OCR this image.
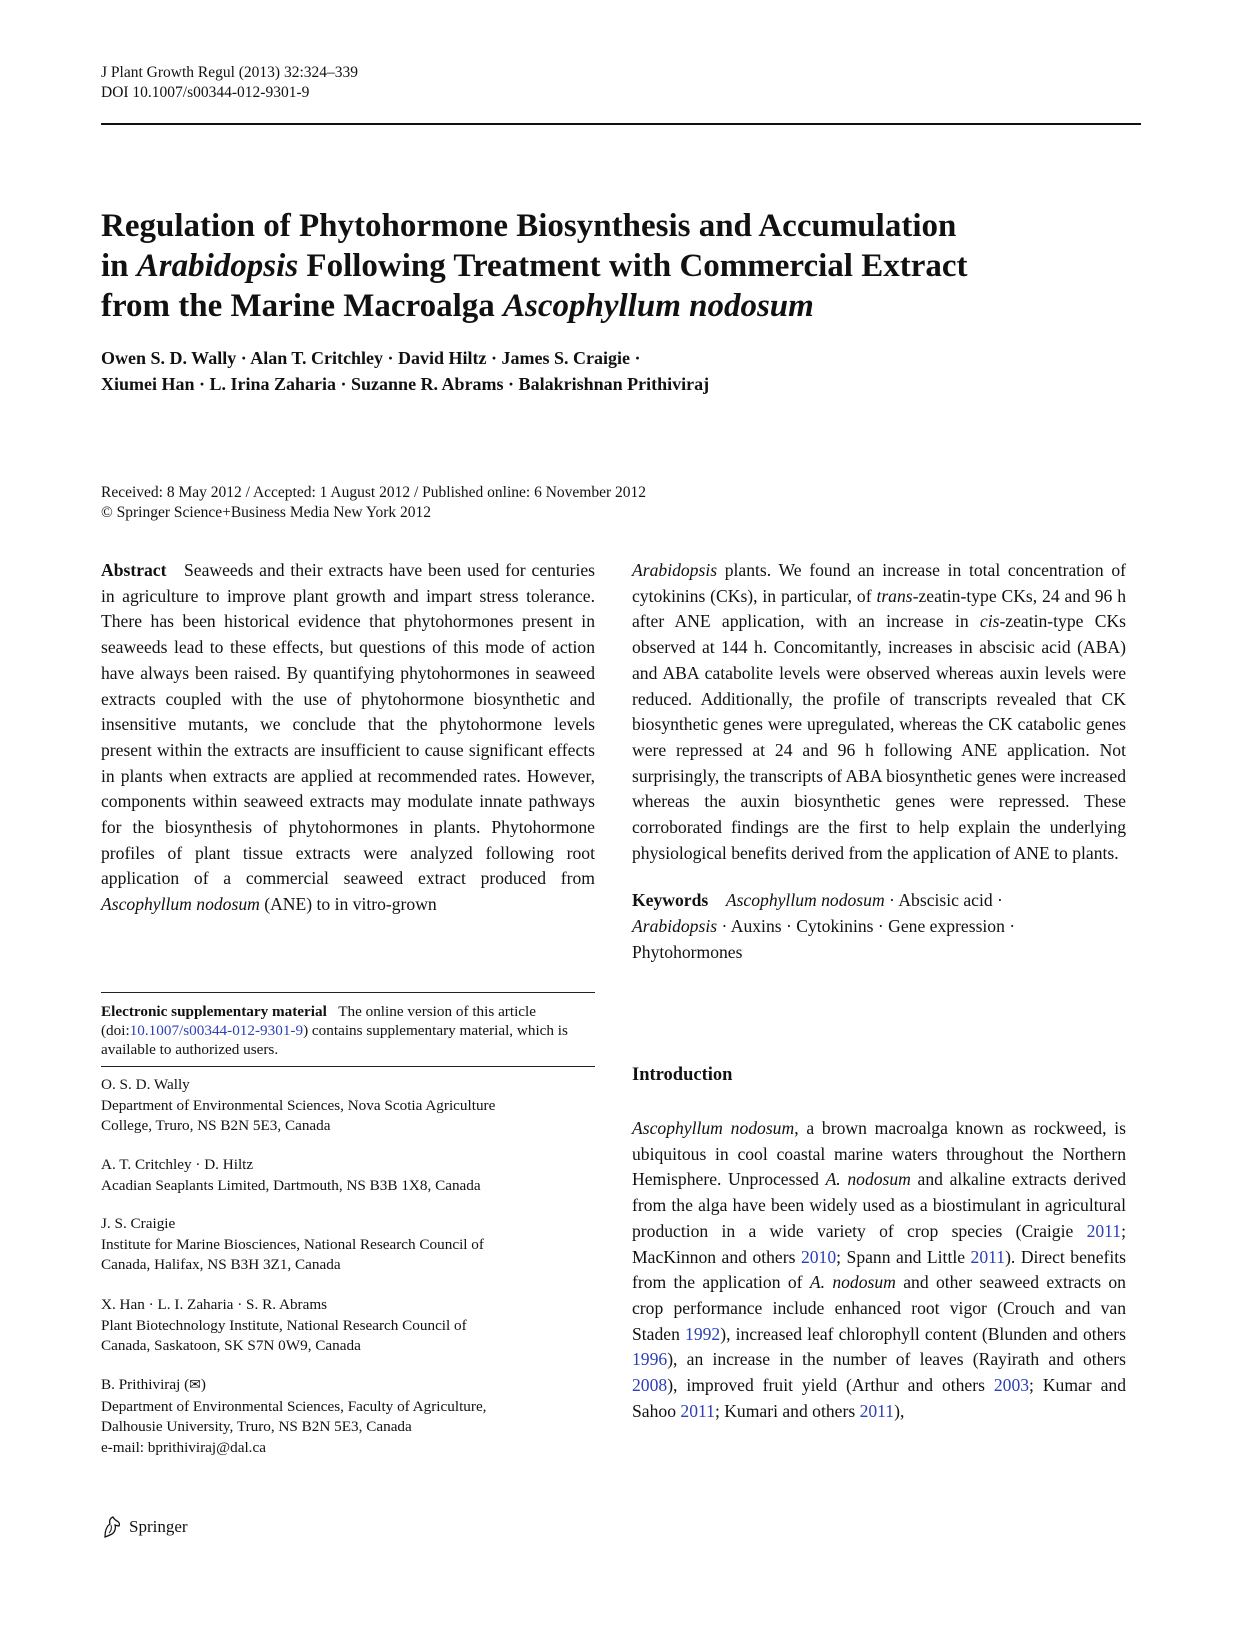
J Plant Growth Regul (2013) 32:324–339
DOI 10.1007/s00344-012-9301-9
Regulation of Phytohormone Biosynthesis and Accumulation
in Arabidopsis Following Treatment with Commercial Extract
from the Marine Macroalga Ascophyllum nodosum
Owen S. D. Wally · Alan T. Critchley · David Hiltz · James S. Craigie ·
Xiumei Han · L. Irina Zaharia · Suzanne R. Abrams · Balakrishnan Prithiviraj
Received: 8 May 2012 / Accepted: 1 August 2012 / Published online: 6 November 2012
© Springer Science+Business Media New York 2012

Abstract Seaweeds and their extracts have been used for centuries in agriculture to improve plant growth and impart stress tolerance. There has been historical evidence that phytohormones present in seaweeds lead to these effects, but questions of this mode of action have always been raised. By quantifying phytohormones in seaweed extracts coupled with the use of phytohormone biosynthetic and insensitive mutants, we conclude that the phytohormone levels present within the extracts are insufficient to cause significant effects in plants when extracts are applied at recommended rates. However, components within seaweed extracts may modulate innate pathways for the biosynthesis of phytohormones in plants. Phytohormone profiles of plant tissue extracts were analyzed following root application of a commercial seaweed extract produced from Ascophyllum nodosum (ANE) to in vitro-grown

Arabidopsis plants. We found an increase in total concentration of cytokinins (CKs), in particular, of trans-zeatin-type CKs, 24 and 96 h after ANE application, with an increase in cis-zeatin-type CKs observed at 144 h. Concomitantly, increases in abscisic acid (ABA) and ABA catabolite levels were observed whereas auxin levels were reduced. Additionally, the profile of transcripts revealed that CK biosynthetic genes were upregulated, whereas the CK catabolic genes were repressed at 24 and 96 h following ANE application. Not surprisingly, the transcripts of ABA biosynthetic genes were increased whereas the auxin biosynthetic genes were repressed. These corroborated findings are the first to help explain the underlying physiological benefits derived from the application of ANE to plants.

Keywords Ascophyllum nodosum · Abscisic acid ·
Arabidopsis · Auxins · Cytokinins · Gene expression ·
Phytohormones

Electronic supplementary material The online version of this article (doi:10.1007/s00344-012-9301-9) contains supplementary material, which is available to authorized users.

O. S. D. Wally

Department of Environmental Sciences, Nova Scotia Agriculture

College, Truro, NS B2N 5E3, Canada

A. T. Critchley · D. Hiltz

Acadian Seaplants Limited, Dartmouth, NS B3B 1X8, Canada

J. S. Craigie

Institute for Marine Biosciences, National Research Council of

Canada, Halifax, NS B3H 3Z1, Canada

X. Han · L. I. Zaharia · S. R. Abrams

Plant Biotechnology Institute, National Research Council of

Canada, Saskatoon, SK S7N 0W9, Canada

B. Prithiviraj (✉)

Department of Environmental Sciences, Faculty of Agriculture,

Dalhousie University, Truro, NS B2N 5E3, Canada

e-mail: bprithiviraj@dal.ca

Introduction

Ascophyllum nodosum, a brown macroalga known as rockweed, is ubiquitous in cool coastal marine waters throughout the Northern Hemisphere. Unprocessed A. nodosum and alkaline extracts derived from the alga have been widely used as a biostimulant in agricultural production in a wide variety of crop species (Craigie 2011; MacKinnon and others 2010; Spann and Little 2011). Direct benefits from the application of A. nodosum and other seaweed extracts on crop performance include enhanced root vigor (Crouch and van Staden 1992), increased leaf chlorophyll content (Blunden and others 1996), an increase in the number of leaves (Rayirath and others 2008), improved fruit yield (Arthur and others 2003; Kumar and Sahoo 2011; Kumari and others 2011),

Springer
